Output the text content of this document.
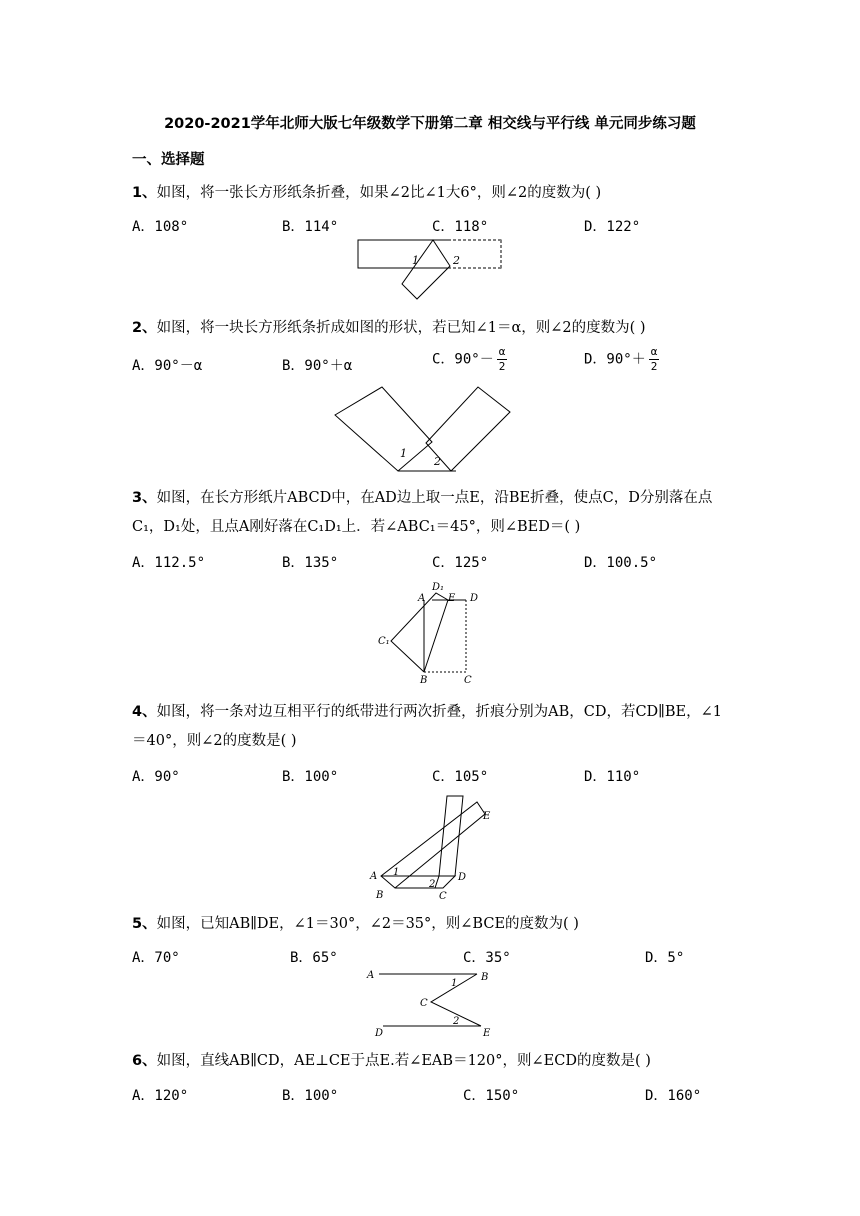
2020-2021学年北师大版七年级数学下册第二章 相交线与平行线 单元同步练习题
一、选择题
1、如图，将一张长方形纸条折叠，如果∠2比∠1大6°，则∠2的度数为( )
A．108°	B．114°	C．118°	D．122°
1	2
2、如图，将一块长方形纸条折成如图的形状，若已知∠1＝α，则∠2的度数为( )
A．90°－α	B．90°＋α	C．$90^\circ- \frac{\alpha}{2}$	D．$90^\circ+ \frac{\alpha}{2}$
1
2
3、如图，在长方形纸片ABCD中，在AD边上取一点E，沿BE折叠，使点C，D分别落在点
C₁，D₁处，且点A刚好落在C₁D₁上．若∠ABC₁＝45°，则∠BED＝( )
A．112.5°	B．135°	C．125°	D．100.5°
D₁
A E D
C₁
B	C
4、如图，将一条对边互相平行的纸带进行两次折叠，折痕分别为AB，CD，若CD∥BE，∠1
＝40°，则∠2的度数是( )
A．90°	B．100°	C．105°	D．110°
E
A 1
2
D
B	C
5、如图，已知AB∥DE，∠1＝30°，∠2＝35°，则∠BCE的度数为( )
A．70°	B．65°	C．35°	D．5°
A
1
B
C
D
2
E
6、如图，直线AB∥CD，AE⊥CE于点E.若∠EAB＝120°，则∠ECD的度数是( )
A．120°	B．100°	C．150°	D．160°
